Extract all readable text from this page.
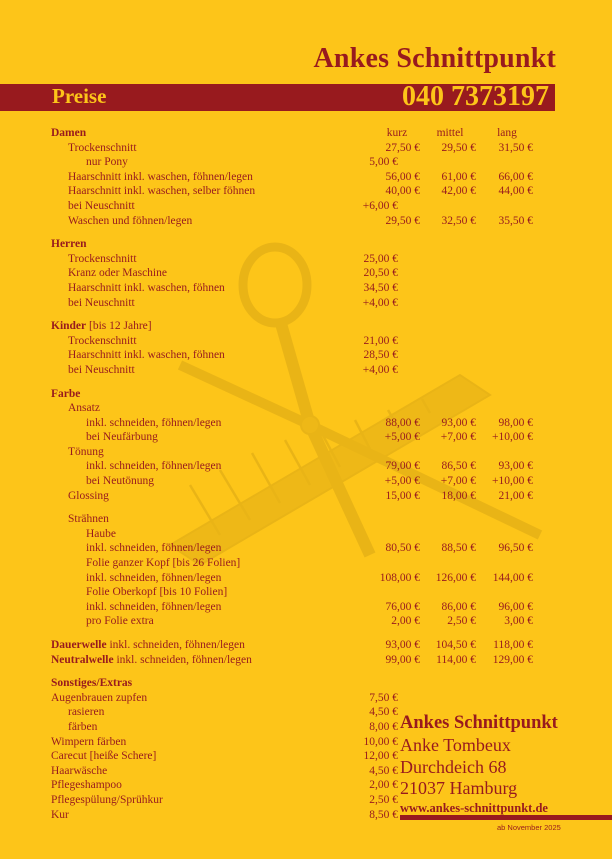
Ankes Schnittpunkt
Preise	040 7373197
Damen	kurz	mittel	lang
Trockenschnitt	27,50 €	29,50 €	31,50 €
nur Pony	5,00 €
Haarschnitt inkl. waschen, föhnen/legen	56,00 €	61,00 €	66,00 €
Haarschnitt inkl. waschen, selber föhnen	40,00 €	42,00 €	44,00 €
bei Neuschnitt	+6,00 €
Waschen und föhnen/legen	29,50 €	32,50 €	35,50 €
Herren
Trockenschnitt	25,00 €
Kranz oder Maschine	20,50 €
Haarschnitt inkl. waschen, föhnen	34,50 €
bei Neuschnitt	+4,00 €
Kinder [bis 12 Jahre]
Trockenschnitt	21,00 €
Haarschnitt inkl. waschen, föhnen	28,50 €
bei Neuschnitt	+4,00 €
Farbe
Ansatz
inkl. schneiden, föhnen/legen	88,00 €	93,00 €	98,00 €
bei Neufärbung	+5,00 €	+7,00 €	+10,00 €
Tönung
inkl. schneiden, föhnen/legen	79,00 €	86,50 €	93,00 €
bei Neutönung	+5,00 €	+7,00 €	+10,00 €
Glossing	15,00 €	18,00 €	21,00 €
Strähnen
Haube
inkl. schneiden, föhnen/legen	80,50 €	88,50 €	96,50 €
Folie ganzer Kopf [bis 26 Folien]
inkl. schneiden, föhnen/legen	108,00 €	126,00 €	144,00 €
Folie Oberkopf [bis 10 Folien]
inkl. schneiden, föhnen/legen	76,00 €	86,00 €	96,00 €
pro Folie extra	2,00 €	2,50 €	3,00 €
Dauerwelle inkl. schneiden, föhnen/legen	93,00 €	104,50 €	118,00 €
Neutralwelle inkl. schneiden, föhnen/legen	99,00 €	114,00 €	129,00 €
Sonstiges/Extras
Augenbrauen zupfen	7,50 €
rasieren	4,50 €
färben	8,00 €
Wimpern färben	10,00 €
Carecut [heiße Schere]	12,00 €
Haarwäsche	4,50 €
Pflegeshampoo	2,00 €
Pflegespülung/Sprühkur	2,50 €
Kur	8,50 €
Ankes Schnittpunkt
Anke Tombeux
Durchdeich 68
21037 Hamburg
www.ankes-schnittpunkt.de
ab November 2025
